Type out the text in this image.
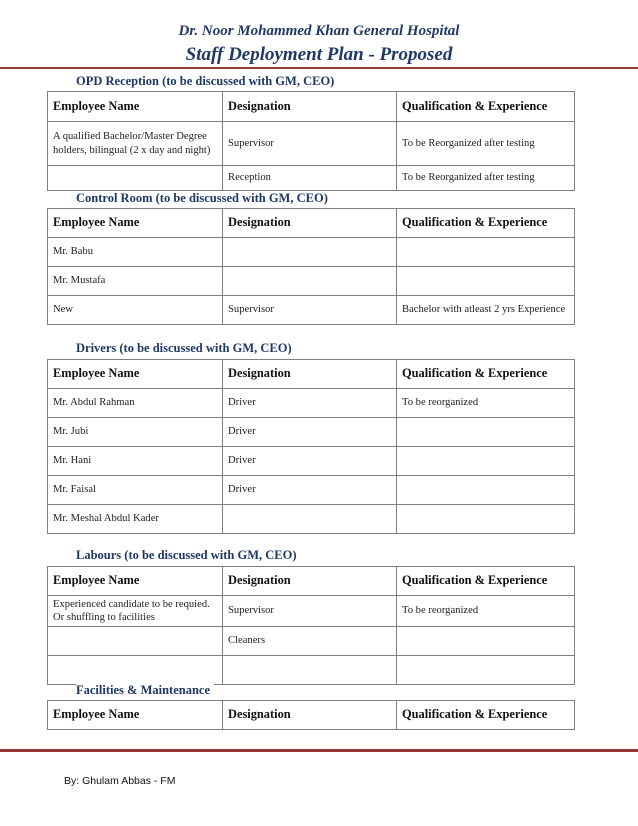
Dr. Noor Mohammed Khan General Hospital
Staff Deployment Plan - Proposed
OPD Reception (to be discussed with GM, CEO)
Employee Name	Designation	Qualification & Experience
A qualified Bachelor/Master Degree holders, bilingual (2 x day and night)	Supervisor	To be Reorganized after testing
	Reception	To be Reorganized after testing
Control Room (to be discussed with GM, CEO)
Employee Name	Designation	Qualification & Experience
Mr. Babu		
Mr. Mustafa		
New	Supervisor	Bachelor with atleast 2 yrs Experience
Drivers (to be discussed with GM, CEO)
Employee Name	Designation	Qualification & Experience
Mr. Abdul Rahman	Driver	To be reorganized
Mr. Jubi	Driver	
Mr. Hani	Driver	
Mr. Faisal	Driver	
Mr. Meshal Abdul Kader		
Labours (to be discussed with GM, CEO)
Employee Name	Designation	Qualification & Experience
Experienced candidate to be requied. Or shuffling to facilities	Supervisor	To be reorganized
	Cleaners	

Facilities & Maintenance
Employee Name	Designation	Qualification & Experience
By: Ghulam Abbas - FM
